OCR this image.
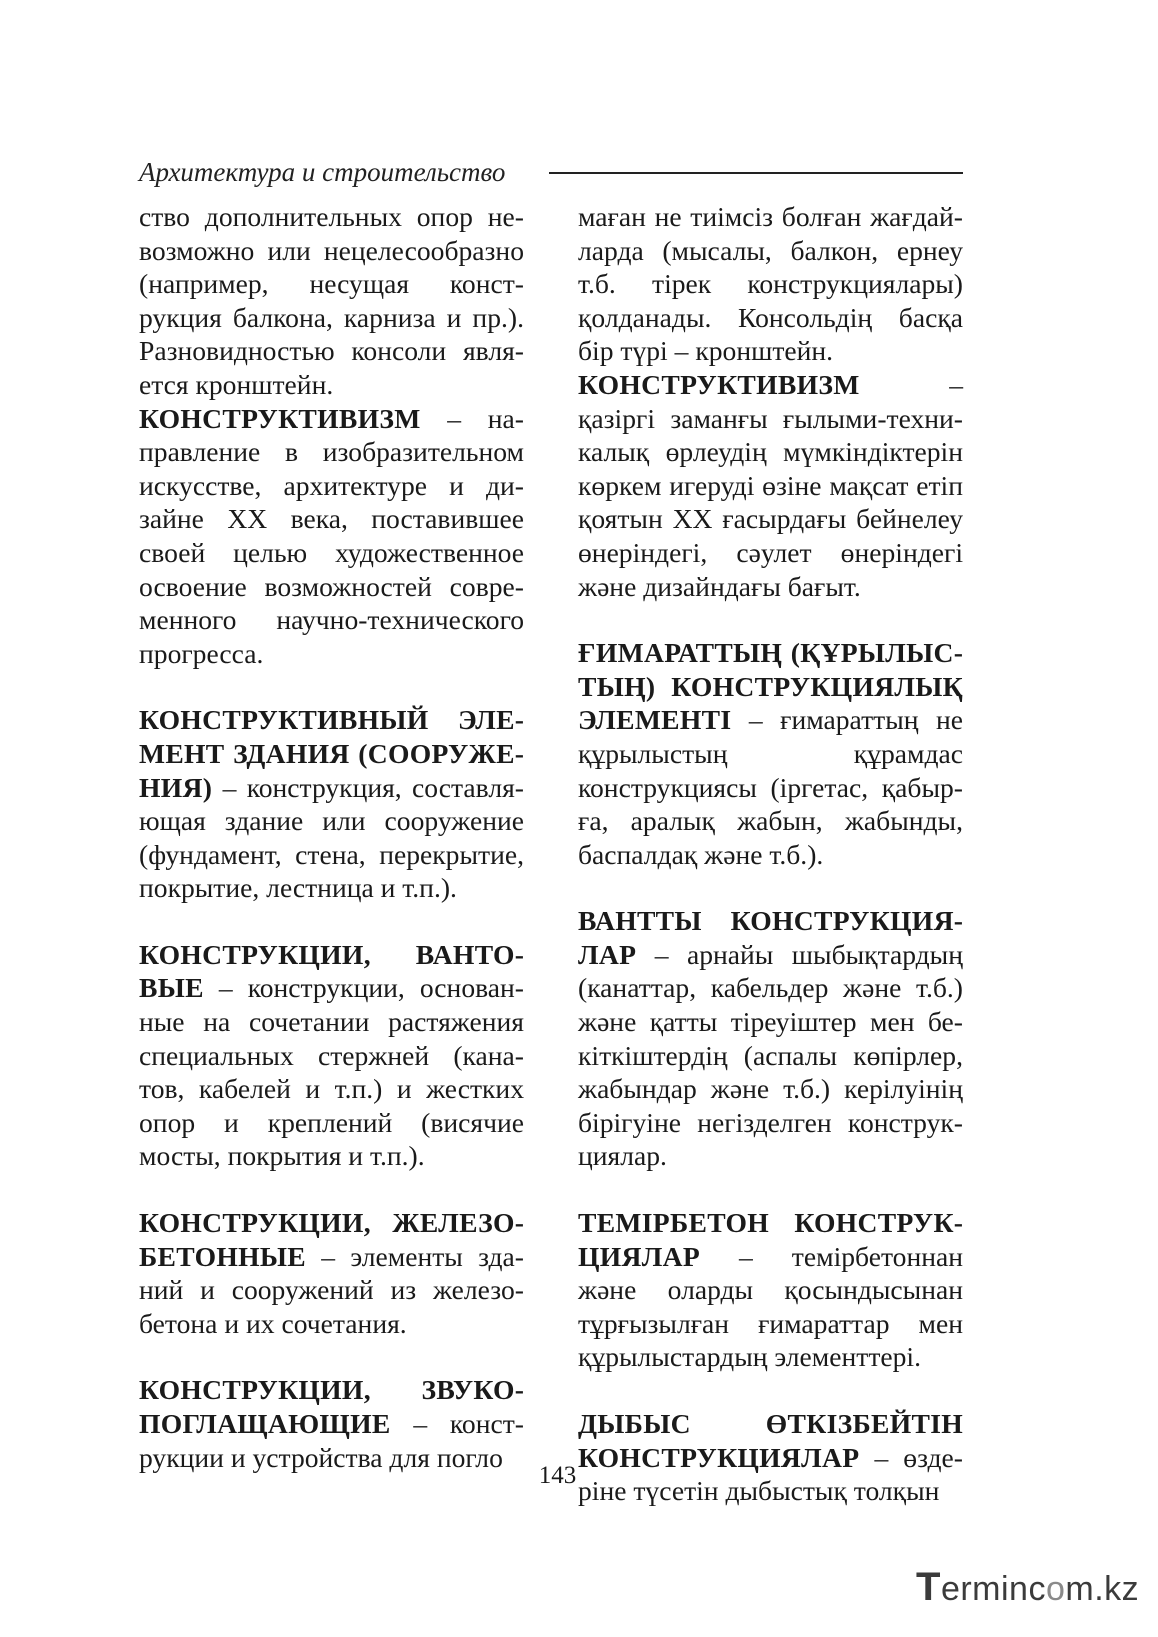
Архитектура и строительство

ство дополнительных опор невозможно или нецелесообразно (например, несущая конструкция балкона, карниза и пр.). Разновидностью консоли является кронштейн.

КОНСТРУКТИВИЗМ – направление в изобразительном искусстве, архитектуре и дизайне XX века, поставившее своей целью художественное освоение возможностей современного научно-технического прогресса.

КОНСТРУКТИВНЫЙ ЭЛЕМЕНТ ЗДАНИЯ (СООРУЖЕНИЯ) – конструкция, составляющая здание или сооружение (фундамент, стена, перекрытие, покрытие, лестница и т.п.).

КОНСТРУКЦИИ, ВАНТОВЫЕ – конструкции, основанные на сочетании растяжения специальных стержней (канатов, кабелей и т.п.) и жестких опор и креплений (висячие мосты, покрытия и т.п.).

КОНСТРУКЦИИ, ЖЕЛЕЗОБЕТОННЫЕ – элементы зданий и сооружений из железобетона и их сочетания.

КОНСТРУКЦИИ, ЗВУКОПОГЛАЩАЮЩИЕ – конструкции и устройства для погло

маған не тиімсіз болған жағдайларда (мысалы, балкон, ернеу т.б. тірек конструкциялары) қолданады. Консольдің басқа бір түрі – кронштейн.

КОНСТРУКТИВИЗМ – қазіргі заманғы ғылыми-техникалық өрлеудің мүмкіндіктерін көркем игеруді өзіне мақсат етіп қоятын XX ғасырдағы бейнелеу өнеріндегі, сәулет өнеріндегі және дизайндағы бағыт.

ҒИМАРАТТЫҢ (ҚҰРЫЛЫСТЫҢ) КОНСТРУКЦИЯЛЫҚ ЭЛЕМЕНТІ – ғимараттың не құрылыстың құрамдас конструкциясы (іргетас, қабырға, аралық жабын, жабынды, баспалдақ және т.б.).

ВАНТТЫ КОНСТРУКЦИЯЛАР – арнайы шыбықтардың (канаттар, кабельдер және т.б.) және қатты тіреуіштер мен бекіткіштердің (аспалы көпірлер, жабындар және т.б.) керілуінің бірігуіне негізделген конструкциялар.

ТЕМІРБЕТОН КОНСТРУКЦИЯЛАР – темірбетоннан және оларды қосындысынан тұрғызылған ғимараттар мен құрылыстардың элементтері.

ДЫБЫС ӨТКІЗБЕЙТІН КОНСТРУКЦИЯЛАР – өздеріне түсетін дыбыстық толқын

143
Termincom.kz
